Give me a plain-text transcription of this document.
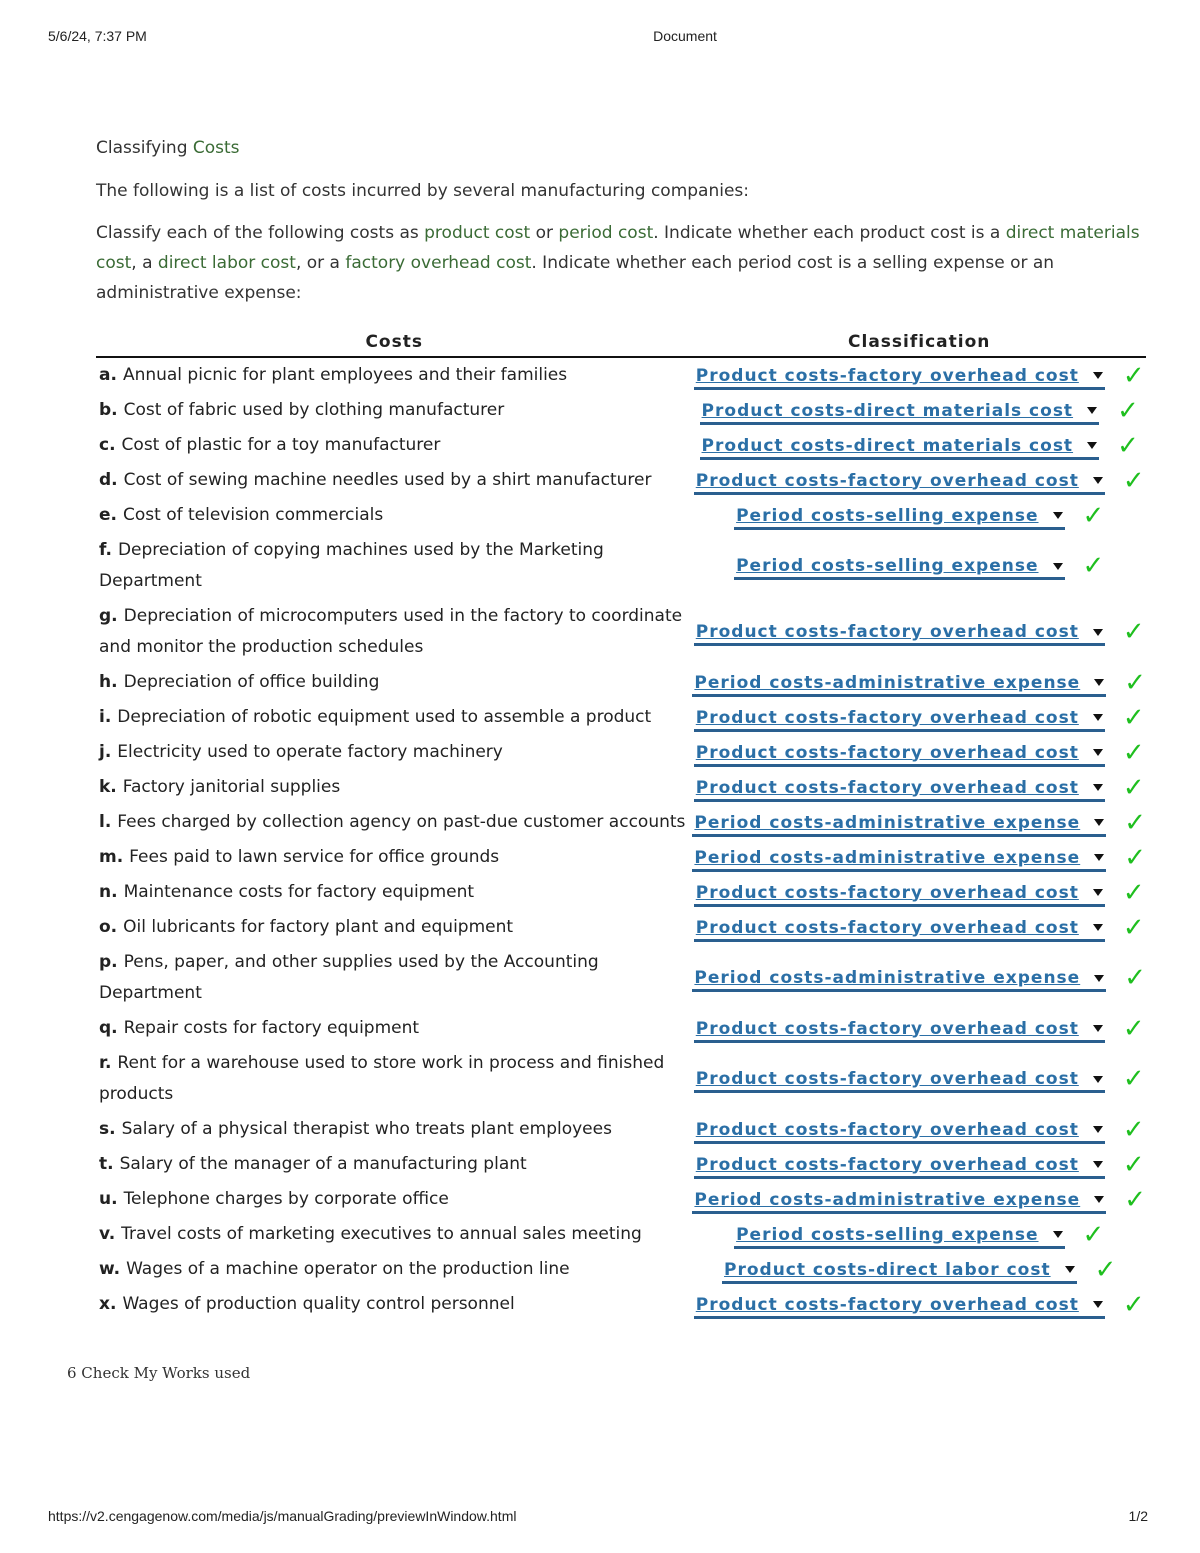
5/6/24, 7:37 PM	Document

Classifying Costs

The following is a list of costs incurred by several manufacturing companies:

Classify each of the following costs as product cost or period cost. Indicate whether each product cost is a direct materials cost, a direct labor cost, or a factory overhead cost. Indicate whether each period cost is a selling expense or an administrative expense:

Costs	Classification
a. Annual picnic for plant employees and their families	Product costs-factory overhead cost ✓
b. Cost of fabric used by clothing manufacturer	Product costs-direct materials cost ✓
c. Cost of plastic for a toy manufacturer	Product costs-direct materials cost ✓
d. Cost of sewing machine needles used by a shirt manufacturer	Product costs-factory overhead cost ✓
e. Cost of television commercials	Period costs-selling expense ✓
f. Depreciation of copying machines used by the Marketing Department	Period costs-selling expense ✓
g. Depreciation of microcomputers used in the factory to coordinate and monitor the production schedules	Product costs-factory overhead cost ✓
h. Depreciation of office building	Period costs-administrative expense ✓
i. Depreciation of robotic equipment used to assemble a product	Product costs-factory overhead cost ✓
j. Electricity used to operate factory machinery	Product costs-factory overhead cost ✓
k. Factory janitorial supplies	Product costs-factory overhead cost ✓
l. Fees charged by collection agency on past-due customer accounts	Period costs-administrative expense ✓
m. Fees paid to lawn service for office grounds	Period costs-administrative expense ✓
n. Maintenance costs for factory equipment	Product costs-factory overhead cost ✓
o. Oil lubricants for factory plant and equipment	Product costs-factory overhead cost ✓
p. Pens, paper, and other supplies used by the Accounting Department	Period costs-administrative expense ✓
q. Repair costs for factory equipment	Product costs-factory overhead cost ✓
r. Rent for a warehouse used to store work in process and finished products	Product costs-factory overhead cost ✓
s. Salary of a physical therapist who treats plant employees	Product costs-factory overhead cost ✓
t. Salary of the manager of a manufacturing plant	Product costs-factory overhead cost ✓
u. Telephone charges by corporate office	Period costs-administrative expense ✓
v. Travel costs of marketing executives to annual sales meeting	Period costs-selling expense ✓
w. Wages of a machine operator on the production line	Product costs-direct labor cost ✓
x. Wages of production quality control personnel	Product costs-factory overhead cost ✓
6 Check My Works used
https://v2.cengagenow.com/media/js/manualGrading/previewInWindow.html	1/2
